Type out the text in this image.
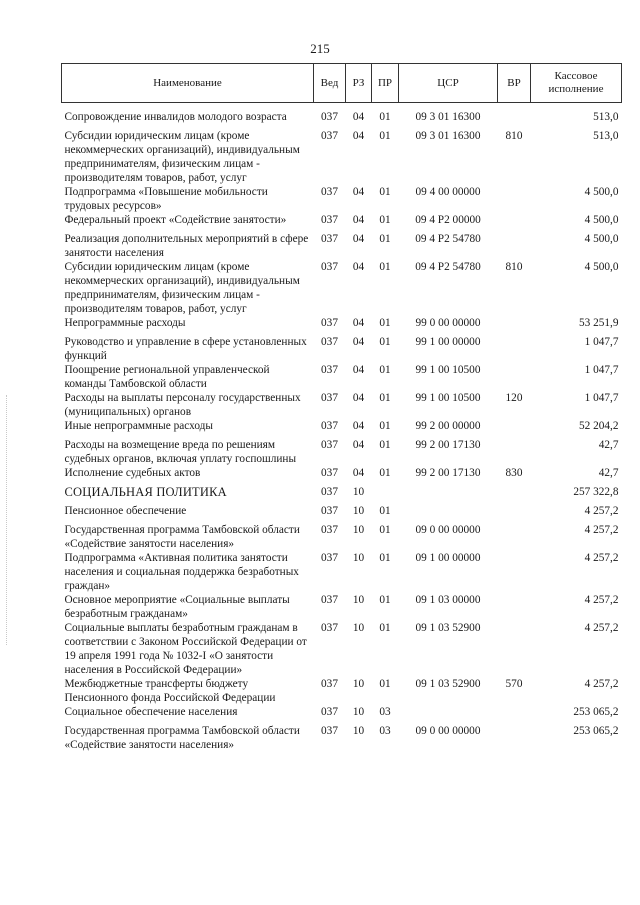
215
Наименование	Вед	РЗ	ПР	ЦСР	ВР	Кассовое исполнение
Сопровождение инвалидов молодого возраста	037	04	01	09 3 01 16300		513,0
Субсидии юридическим лицам (кроме некоммерческих организаций), индивидуальным предпринимателям, физическим лицам - производителям товаров, работ, услуг	037	04	01	09 3 01 16300	810	513,0
Подпрограмма «Повышение мобильности трудовых ресурсов»	037	04	01	09 4 00 00000		4 500,0
Федеральный проект «Содействие занятости»	037	04	01	09 4 P2 00000		4 500,0
Реализация дополнительных мероприятий в сфере занятости населения	037	04	01	09 4 P2 54780		4 500,0
Субсидии юридическим лицам (кроме некоммерческих организаций), индивидуальным предпринимателям, физическим лицам - производителям товаров, работ, услуг	037	04	01	09 4 P2 54780	810	4 500,0
Непрограммные расходы	037	04	01	99 0 00 00000		53 251,9
Руководство и управление в сфере установленных функций	037	04	01	99 1 00 00000		1 047,7
Поощрение региональной управленческой команды Тамбовской области	037	04	01	99 1 00 10500		1 047,7
Расходы на выплаты персоналу государственных (муниципальных) органов	037	04	01	99 1 00 10500	120	1 047,7
Иные непрограммные расходы	037	04	01	99 2 00 00000		52 204,2
Расходы на возмещение вреда по решениям судебных органов, включая уплату госпошлины	037	04	01	99 2 00 17130		42,7
Исполнение судебных актов	037	04	01	99 2 00 17130	830	42,7
СОЦИАЛЬНАЯ ПОЛИТИКА	037	10				257 322,8
Пенсионное обеспечение	037	10	01			4 257,2
Государственная программа Тамбовской области «Содействие занятости населения»	037	10	01	09 0 00 00000		4 257,2
Подпрограмма «Активная политика занятости населения и социальная поддержка безработных граждан»	037	10	01	09 1 00 00000		4 257,2
Основное мероприятие «Социальные выплаты безработным гражданам»	037	10	01	09 1 03 00000		4 257,2
Социальные выплаты безработным гражданам в соответствии с Законом Российской Федерации от 19 апреля 1991 года № 1032-I «О занятости населения в Российской Федерации»	037	10	01	09 1 03 52900		4 257,2
Межбюджетные трансферты бюджету Пенсионного фонда Российской Федерации	037	10	01	09 1 03 52900	570	4 257,2
Социальное обеспечение населения	037	10	03			253 065,2
Государственная программа Тамбовской области «Содействие занятости населения»	037	10	03	09 0 00 00000		253 065,2
